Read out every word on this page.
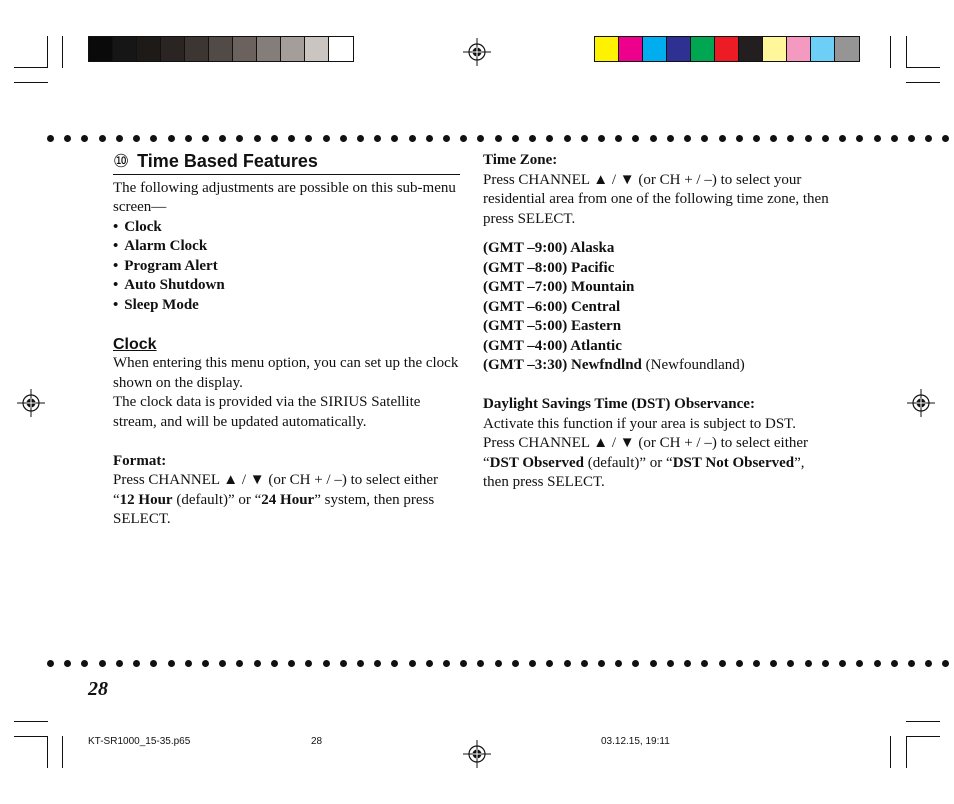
⑩ Time Based Features

The following adjustments are possible on this sub-menu screen—

• Clock
• Alarm Clock
• Program Alert
• Auto Shutdown
• Sleep Mode
Clock

When entering this menu option, you can set up the clock shown on the display.

The clock data is provided via the SIRIUS Satellite stream, and will be updated automatically.

Format:

Press CHANNEL ▲ / ▼ (or CH + / –) to select either “12 Hour (default)” or “24 Hour” system, then press SELECT.

Time Zone:

Press CHANNEL ▲ / ▼ (or CH + / –) to select your residential area from one of the following time zone, then press SELECT.

(GMT –9:00) Alaska

(GMT –8:00) Pacific

(GMT –7:00) Mountain

(GMT –6:00) Central

(GMT –5:00) Eastern

(GMT –4:00) Atlantic

(GMT –3:30) Newfndlnd (Newfoundland)

Daylight Savings Time (DST) Observance:

Activate this function if your area is subject to DST.

Press CHANNEL ▲ / ▼ (or CH + / –) to select either “DST Observed (default)” or “DST Not Observed”, then press SELECT.

28
KT-SR1000_15-35.p65	28	03.12.15, 19:11
